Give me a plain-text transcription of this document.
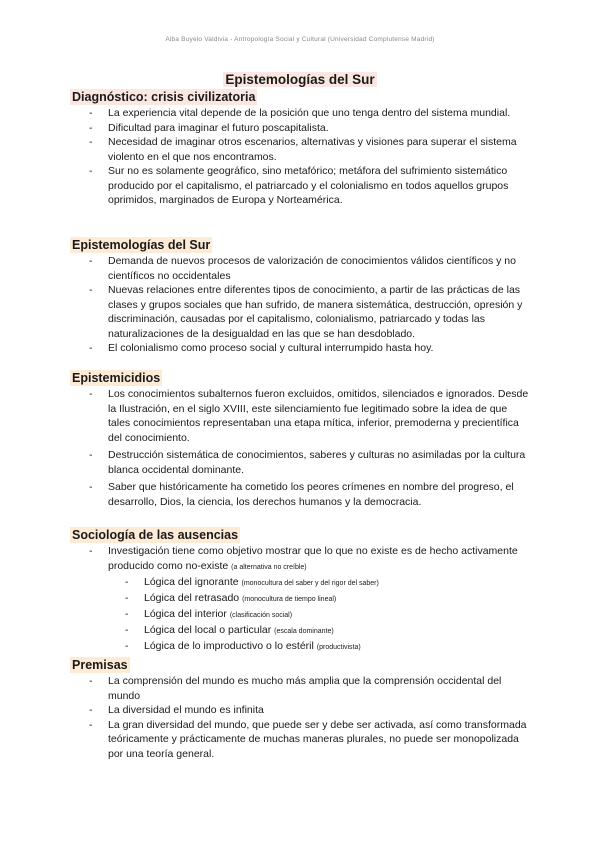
Alba Buyelo Valdivia - Antropología Social y Cultural (Universidad Complutense Madrid)
Epistemologías del Sur
Diagnóstico: crisis civilizatoria
- La experiencia vital depende de la posición que uno tenga dentro del sistema mundial.
- Dificultad para imaginar el futuro poscapitalista.
- Necesidad de imaginar otros escenarios, alternativas y visiones para superar el sistema violento en el que nos encontramos.
- Sur no es solamente geográfico, sino metafórico; metáfora del sufrimiento sistemático producido por el capitalismo, el patriarcado y el colonialismo en todos aquellos grupos oprimidos, marginados de Europa y Norteamérica.
Epistemologías del Sur
- Demanda de nuevos procesos de valorización de conocimientos válidos científicos y no científicos no occidentales
- Nuevas relaciones entre diferentes tipos de conocimiento, a partir de las prácticas de las clases y grupos sociales que han sufrido, de manera sistemática, destrucción, opresión y discriminación, causadas por el capitalismo, colonialismo, patriarcado y todas las naturalizaciones de la desigualdad en las que se han desdoblado.
- El colonialismo como proceso social y cultural interrumpido hasta hoy.
Epistemicidios
- Los conocimientos subalternos fueron excluidos, omitidos, silenciados e ignorados. Desde la Ilustración, en el siglo XVIII, este silenciamiento fue legitimado sobre la idea de que tales conocimientos representaban una etapa mítica, inferior, premoderna y precientífica del conocimiento.
- Destrucción sistemática de conocimientos, saberes y culturas no asimiladas por la cultura blanca occidental dominante.
- Saber que históricamente ha cometido los peores crímenes en nombre del progreso, el desarrollo, Dios, la ciencia, los derechos humanos y la democracia.
Sociología de las ausencias
- Investigación tiene como objetivo mostrar que lo que no existe es de hecho activamente producido como no-existe (a alternativa no creíble)
- Lógica del ignorante (monocultura del saber y del rigor del saber)
- Lógica del retrasado (monocultura de tiempo lineal)
- Lógica del interior (clasificación social)
- Lógica del local o particular (escala dominante)
- Lógica de lo improductivo o lo estéril (productivista)
Premisas
- La comprensión del mundo es mucho más amplia que la comprensión occidental del mundo
- La diversidad el mundo es infinita
- La gran diversidad del mundo, que puede ser y debe ser activada, así como transformada teóricamente y prácticamente de muchas maneras plurales, no puede ser monopolizada por una teoría general.
